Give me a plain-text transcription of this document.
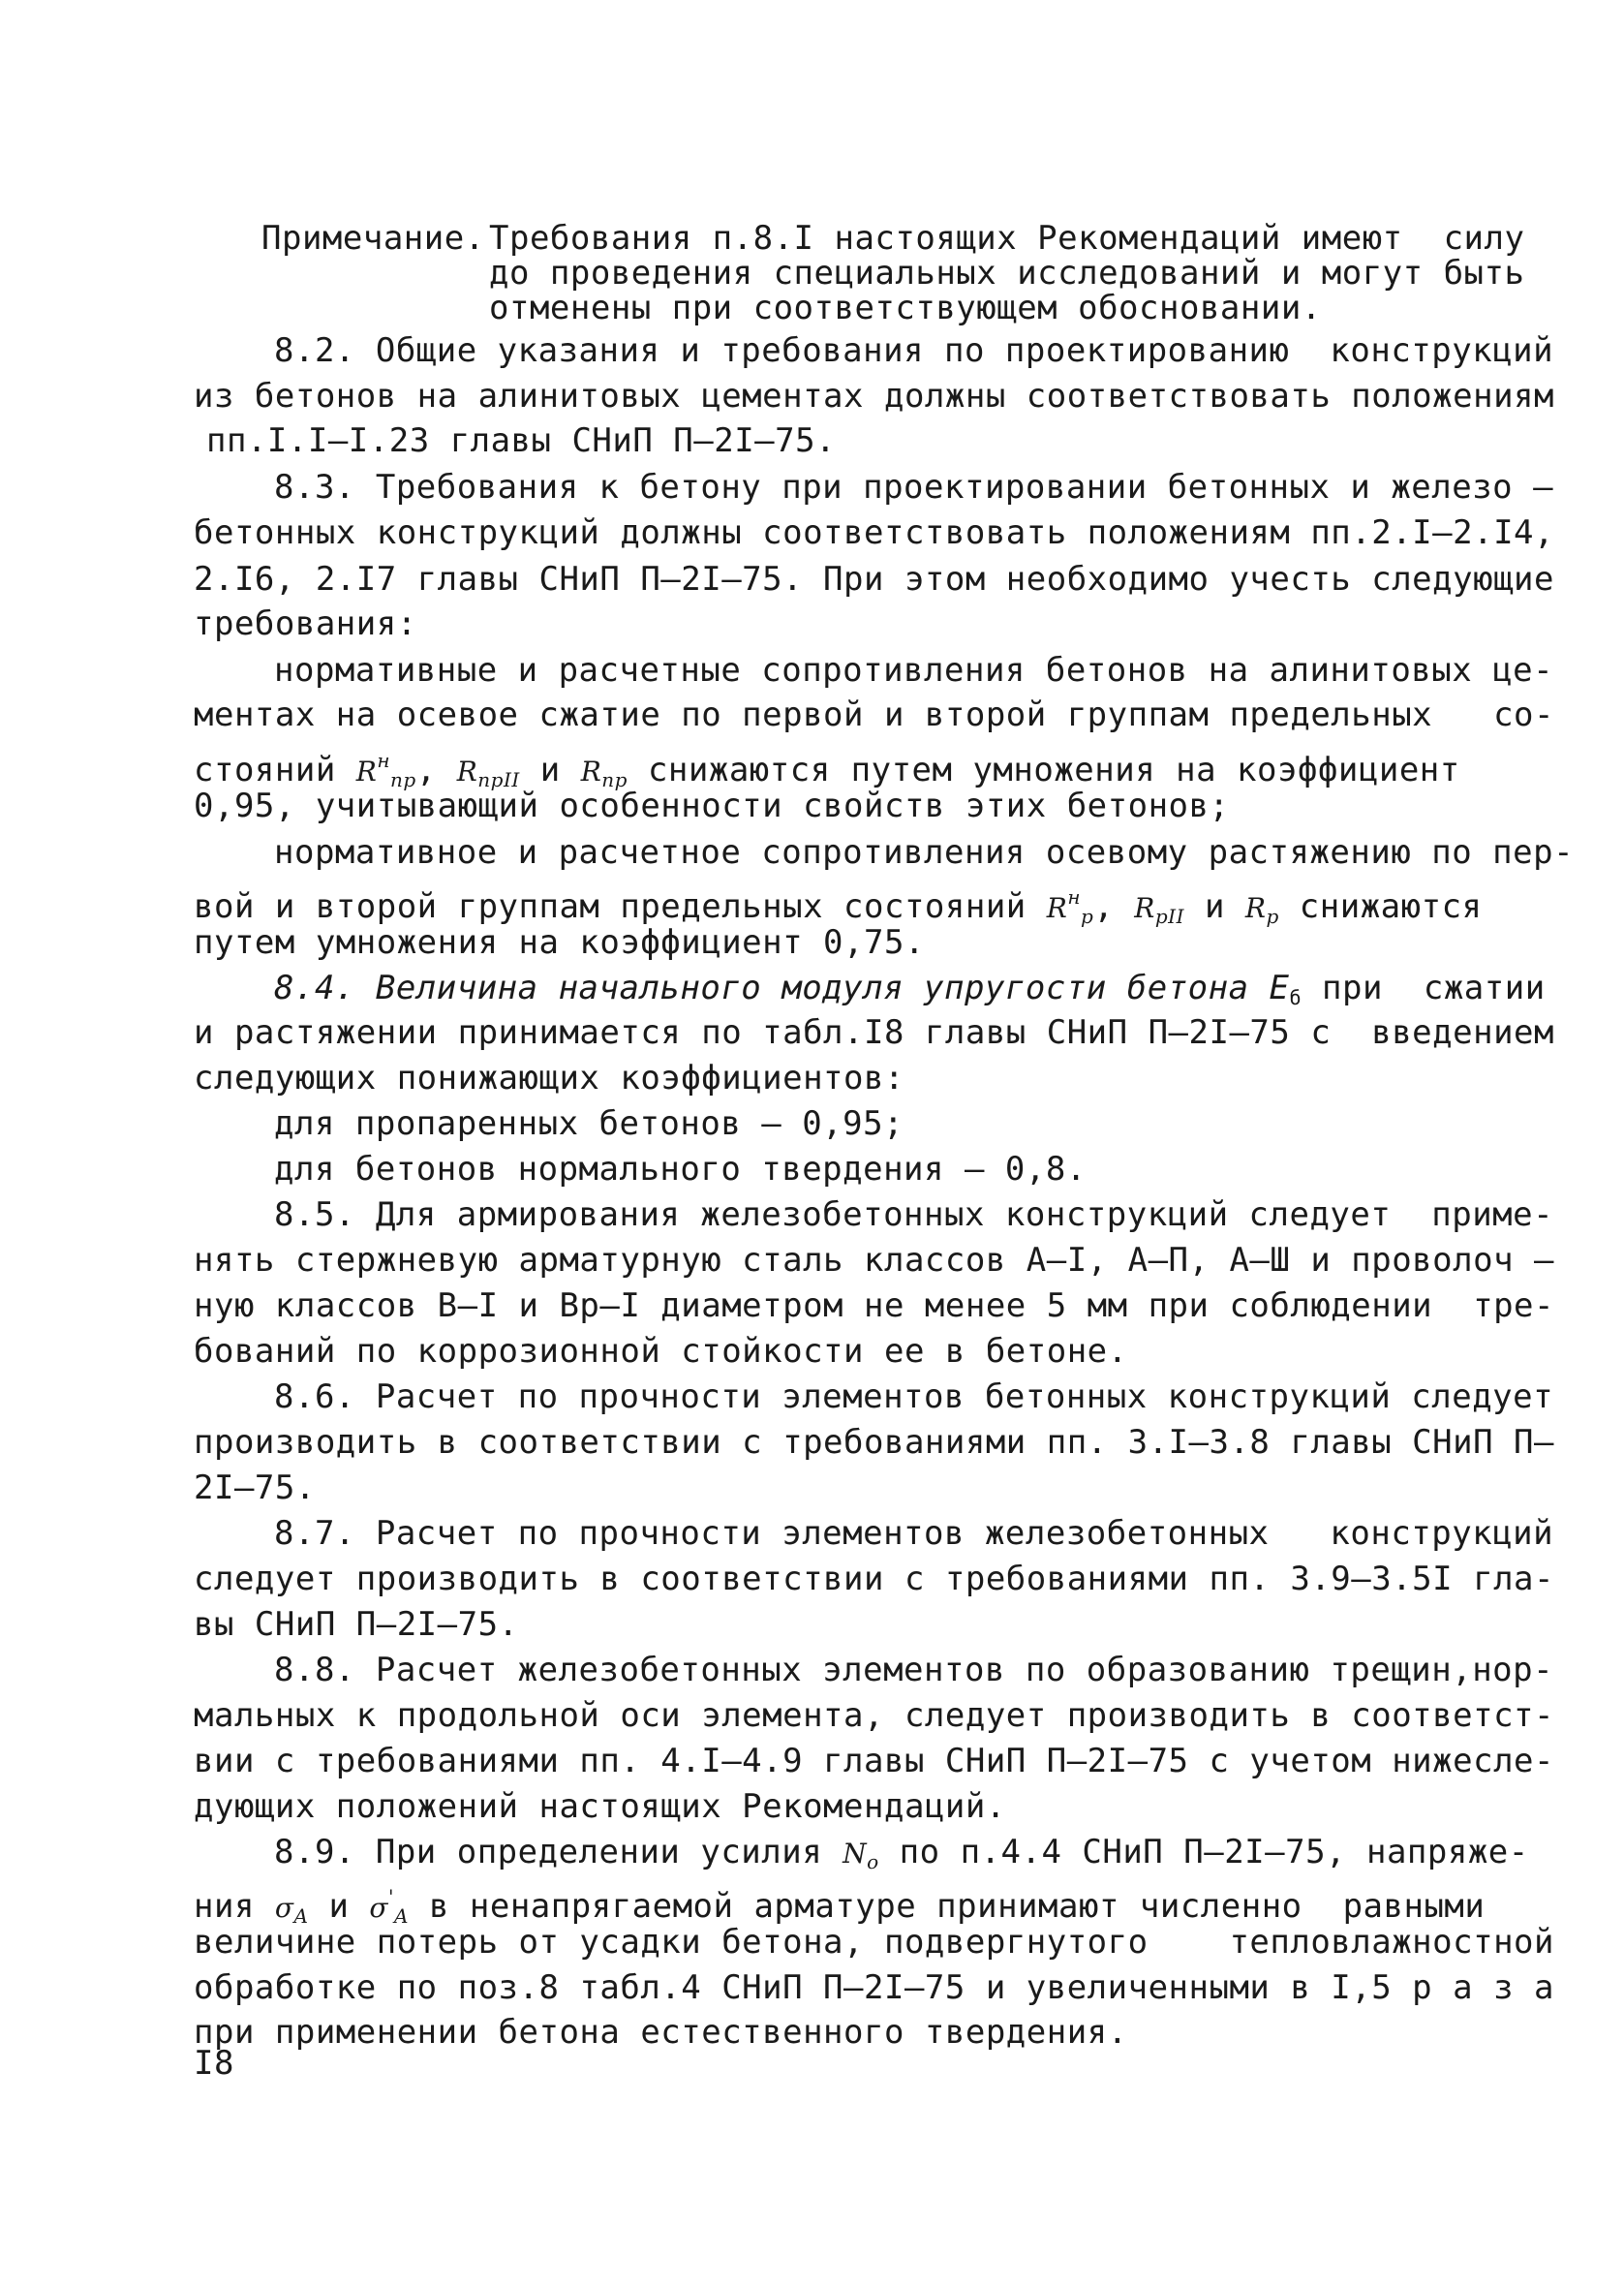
Примечание. Требования п.8.I настоящих Рекомендаций имеют  силу
до проведения специальных исследований и могут быть
отменены при соответствующем обосновании.
8.2. Общие указания и требования по проектированию  конструкций
из бетонов на алинитовых цементах должны соответствовать положениям
пп.I.I–I.23 главы СНиП П–2I–75.
8.3. Требования к бетону при проектировании бетонных и железо –
бетонных конструкций должны соответствовать положениям пп.2.I–2.I4,
2.I6, 2.I7 главы СНиП П–2I–75. При этом необходимо учесть следующие
требования:
нормативные и расчетные сопротивления бетонов на алинитовых це-
ментах на осевое сжатие по первой и второй группам предельных   со-
стояний $R^н_{пр}$, $R_{прII}$ и $R_{пр}$ снижаются путем умножения на коэффициент
0,95, учитывающий особенности свойств этих бетонов;
нормативное и расчетное сопротивления осевому растяжению по пер-
вой и второй группам предельных состояний $R^н_р$, $R_{рII}$ и $R_р$ снижаются
путем умножения на коэффициент 0,75.
8.4. Величина начального модуля упругости бетона $Е_б$ при  сжатии
и растяжении принимается по табл.I8 главы СНиП П–2I–75 с  введением
следующих понижающих коэффициентов:
для пропаренных бетонов – 0,95;
для бетонов нормального твердения – 0,8.
8.5. Для армирования железобетонных конструкций следует  приме-
нять стержневую арматурную сталь классов А–I, А–П, А–Ш и проволоч –
ную классов В–I и Вр–I диаметром не менее 5 мм при соблюдении  тре-
бований по коррозионной стойкости ее в бетоне.
8.6. Расчет по прочности элементов бетонных конструкций следует
производить в соответствии с требованиями пп. 3.I–3.8 главы СНиП П–
2I–75.
8.7. Расчет по прочности элементов железобетонных   конструкций
следует производить в соответствии с требованиями пп. 3.9–3.5I гла-
вы СНиП П–2I–75.
8.8. Расчет железобетонных элементов по образованию трещин,нор-
мальных к продольной оси элемента, следует производить в соответст-
вии с требованиями пп. 4.I–4.9 главы СНиП П–2I–75 с учетом нижесле-
дующих положений настоящих Рекомендаций.
8.9. При определении усилия $N_o$ по п.4.4 СНиП П–2I–75, напряже-
ния $\sigma_A$ и $\sigma'_A$ в ненапрягаемой арматуре принимают численно  равными
величине потерь от усадки бетона, подвергнутого    тепловлажностной
обработке по поз.8 табл.4 СНиП П–2I–75 и увеличенными в I,5 р а з а
при применении бетона естественного твердения.
I8
